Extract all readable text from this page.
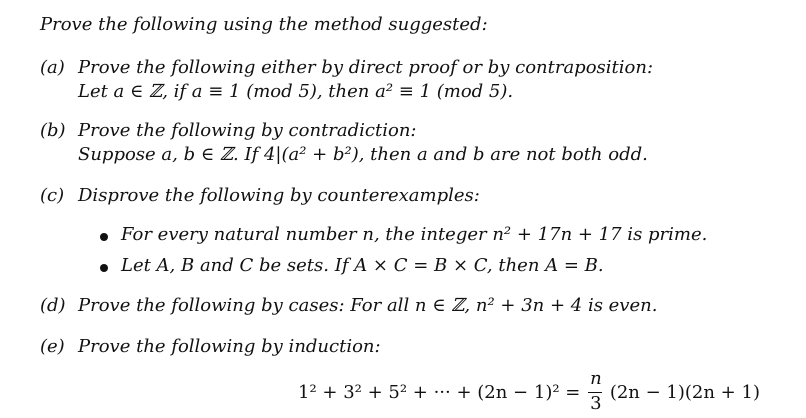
Prove the following using the method suggested:
(a) Prove the following either by direct proof or by contraposition:
Let a ∈ ℤ, if a ≡ 1 (mod 5), then a² ≡ 1 (mod 5).
(b) Prove the following by contradiction:
Suppose a, b ∈ ℤ. If 4|(a² + b²), then a and b are not both odd.
(c) Disprove the following by counterexamples:
For every natural number n, the integer n² + 17n + 17 is prime.
Let A, B and C be sets. If A × C = B × C, then A = B.
(d) Prove the following by cases: For all n ∈ ℤ, n² + 3n + 4 is even.
(e) Prove the following by induction:
1² + 3² + 5² + ··· + $(2n - 1)^2 = \frac{n}{3} (2n - 1)(2n + 1)$
